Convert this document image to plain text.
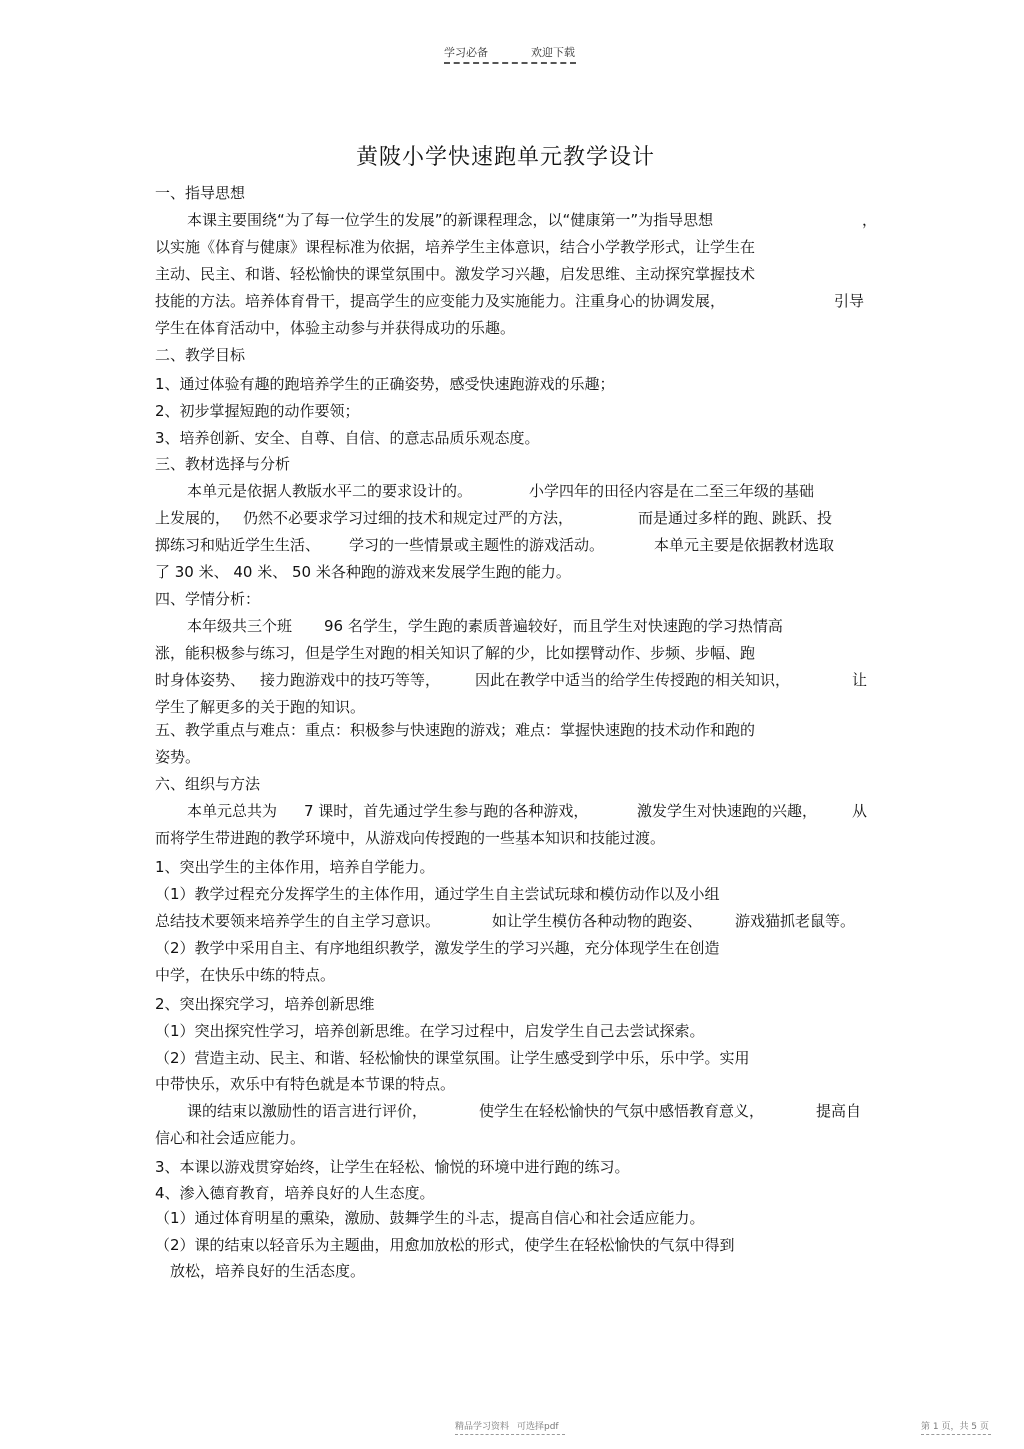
学习必备	欢迎下载
黄陂小学快速跑单元教学设计
一、指导思想
本课主要围绕“为了每一位学生的发展”的新课程理念，以“健康第一”为指导思想	，
以实施《体育与健康》课程标准为依据，培养学生主体意识，结合小学教学形式，让学生在
主动、民主、和谐、轻松愉快的课堂氛围中。激发学习兴趣，启发思维、主动探究掌握技术
技能的方法。培养体育骨干，提高学生的应变能力及实施能力。注重身心的协调发展，	引导
学生在体育活动中，体验主动参与并获得成功的乐趣。
二、教学目标
1、通过体验有趣的跑培养学生的正确姿势，感受快速跑游戏的乐趣；
2、初步掌握短跑的动作要领；
3、培养创新、安全、自尊、自信、的意志品质乐观态度。
三、教材选择与分析
本单元是依据人教版水平二的要求设计的。	小学四年的田径内容是在二至三年级的基础
上发展的， 仍然不必要求学习过细的技术和规定过严的方法，	而是通过多样的跑、
跳跃、投
掷练习和贴近学生生活、 学习的一些情景或主题性的游戏活动。	本单元主要是依据教材选取
了 30 米、 40 米、 50 米各种跑的游戏来发展学生跑的能力。
四、学情分析：
本年级共三个班 96 名学生，学生跑的素质普遍较好，而且学生对快速跑的学习热情高
涨，能积极参与练习，但是学生对跑的相关知识了解的少，比如摆臂动作、步频、步幅、跑
时身体姿势、 接力跑游戏中的技巧等等， 因此在教学中适当的给学生传授跑的相关知识，	让
学生了解更多的关于跑的知识。
五、教学重点与难点：重点：积极参与快速跑的游戏；难点：掌握快速跑的技术动作和跑的
姿势。
六、组织与方法
本单元总共为 7 课时，首先通过学生参与跑的各种游戏，	激发学生对快速跑的兴趣， 从
而将学生带进跑的教学环境中，从游戏向传授跑的一些基本知识和技能过渡。
1、突出学生的主体作用，培养自学能力。
（1）教学过程充分发挥学生的主体作用，通过学生自主尝试玩球和模仿动作以及小组
总结技术要领来培养学生的自主学习意识。	如让学生模仿各种动物的跑姿、 游戏猫抓老鼠等。
（2）教学中采用自主、有序地组织教学，激发学生的学习兴趣，充分体现学生在创造
中学，在快乐中练的特点。
2、突出探究学习，培养创新思维
（1）突出探究性学习，培养创新思维。在学习过程中，启发学生自己去尝试探索。
（2）营造主动、民主、和谐、轻松愉快的课堂氛围。让学生感受到学中乐，乐中学。实用
中带快乐，欢乐中有特色就是本节课的特点。
课的结束以激励性的语言进行评价，	使学生在轻松愉快的气氛中感悟教育意义，	提高自
信心和社会适应能力。
3、本课以游戏贯穿始终，让学生在轻松、愉悦的环境中进行跑的练习。
4、渗入德育教育，培养良好的人生态度。
（1）通过体育明星的熏染，激励、鼓舞学生的斗志，提高自信心和社会适应能力。
（2）课的结束以轻音乐为主题曲，用愈加放松的形式，使学生在轻松愉快的气氛中得到
放松，培养良好的生活态度。
精品学习资料 可选择pdf	第 1 页，共 5 页
